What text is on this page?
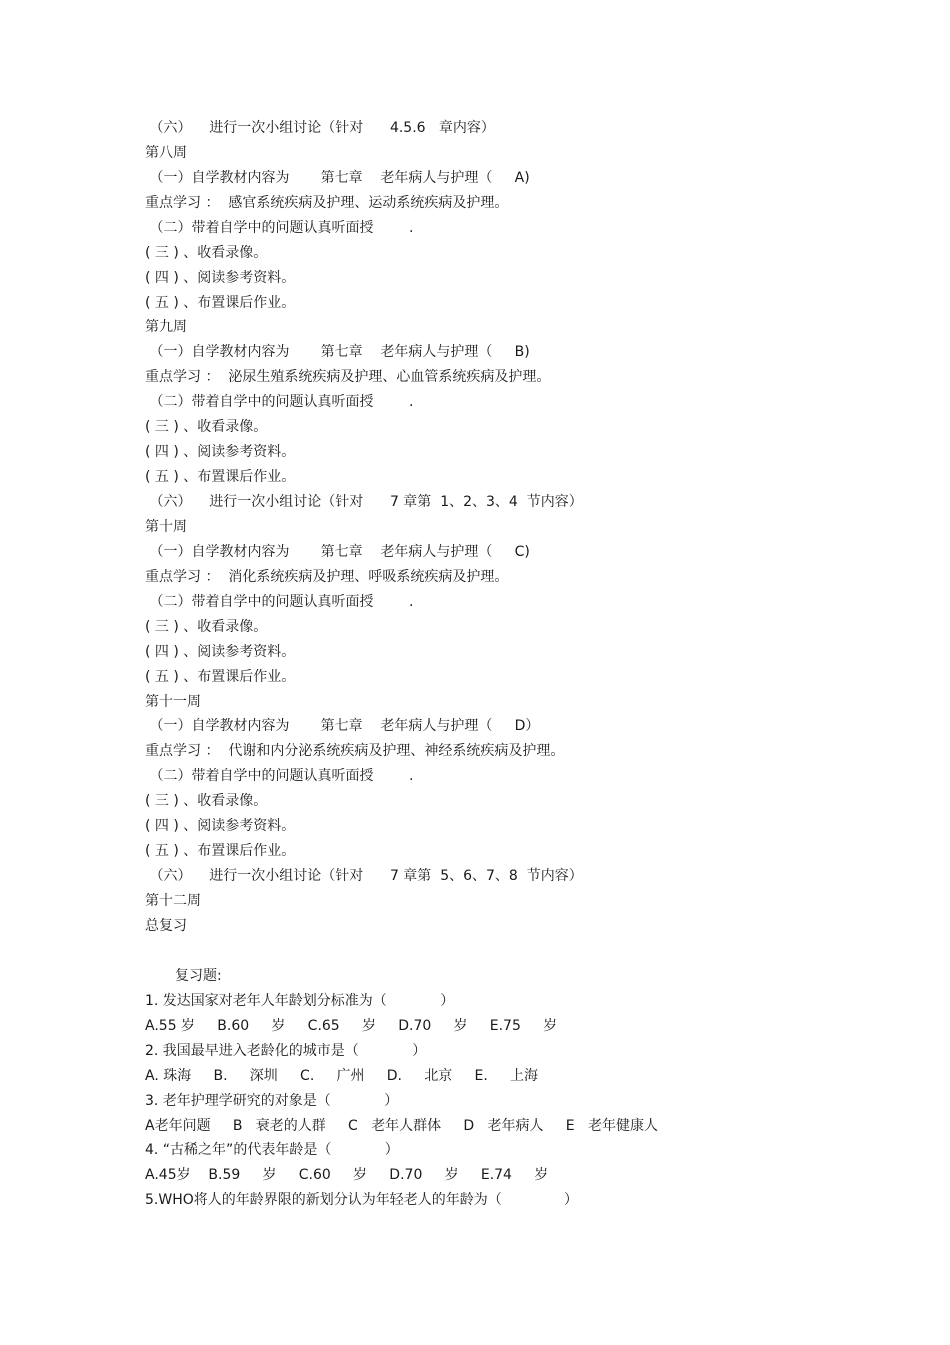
（六）    进行一次小组讨论（针对      4.5.6   章内容）
第八周
（一）自学教材内容为       第七章    老年病人与护理（     A)
重点学习 ：  感官系统疾病及护理、运动系统疾病及护理。
（二）带着自学中的问题认真听面授        .
( 三 ) 、收看录像。
( 四 ) 、阅读参考资料。
( 五 ) 、布置课后作业。
第九周
（一）自学教材内容为       第七章    老年病人与护理（     B)
重点学习 ：  泌尿生殖系统疾病及护理、心血管系统疾病及护理。
（二）带着自学中的问题认真听面授        .
( 三 ) 、收看录像。
( 四 ) 、阅读参考资料。
( 五 ) 、布置课后作业。
（六）    进行一次小组讨论（针对      7 章第  1、2、3、4  节内容）
第十周
（一）自学教材内容为       第七章    老年病人与护理（     C)
重点学习 ：  消化系统疾病及护理、呼吸系统疾病及护理。
（二）带着自学中的问题认真听面授        .
( 三 ) 、收看录像。
( 四 ) 、阅读参考资料。
( 五 ) 、布置课后作业。
第十一周
（一）自学教材内容为       第七章    老年病人与护理（     D）
重点学习 ：  代谢和内分泌系统疾病及护理、神经系统疾病及护理。
（二）带着自学中的问题认真听面授        .
( 三 ) 、收看录像。
( 四 ) 、阅读参考资料。
( 五 ) 、布置课后作业。
（六）    进行一次小组讨论（针对      7 章第  5、6、7、8  节内容）
第十二周
总复习
复习题:
1. 发达国家对老年人年龄划分标准为（            ）
A.55 岁     B.60     岁     C.65     岁     D.70     岁     E.75     岁
2. 我国最早进入老龄化的城市是（            ）
A. 珠海     B.     深圳     C.     广州     D.     北京     E.     上海
3. 老年护理学研究的对象是（            ）
A老年问题     B   衰老的人群     C   老年人群体     D   老年病人     E   老年健康人
4. “古稀之年”的代表年龄是（            ）
A.45岁    B.59     岁     C.60     岁     D.70     岁     E.74     岁
5.WHO将人的年龄界限的新划分认为年轻老人的年龄为（              ）
